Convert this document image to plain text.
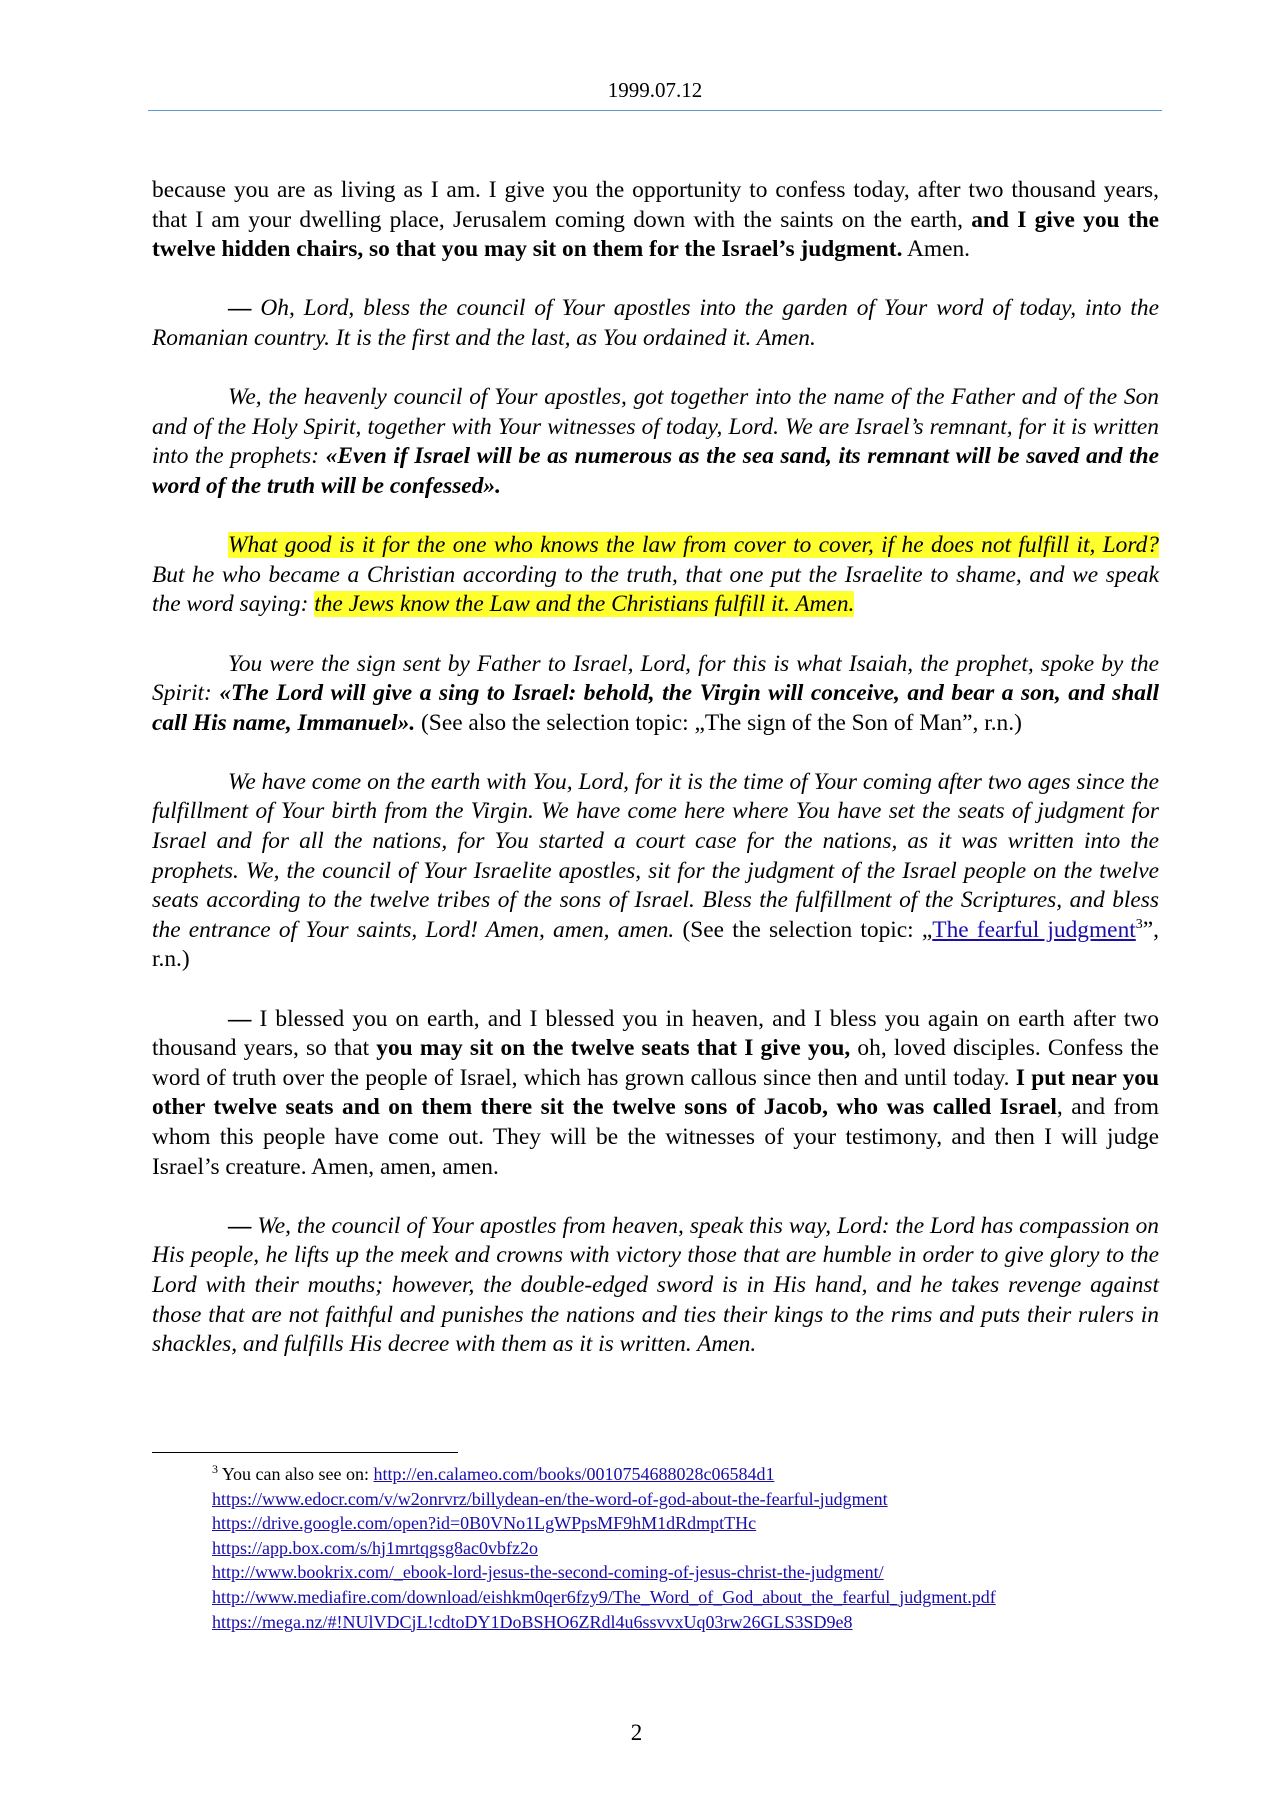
1999.07.12

because you are as living as I am. I give you the opportunity to confess today, after two thousand years, that I am your dwelling place, Jerusalem coming down with the saints on the earth, and I give you the twelve hidden chairs, so that you may sit on them for the Israel’s judgment. Amen.

— Oh, Lord, bless the council of Your apostles into the garden of Your word of today, into the Romanian country. It is the first and the last, as You ordained it. Amen.

We, the heavenly council of Your apostles, got together into the name of the Father and of the Son and of the Holy Spirit, together with Your witnesses of today, Lord. We are Israel’s remnant, for it is written into the prophets: «Even if Israel will be as numerous as the sea sand, its remnant will be saved and the word of the truth will be confessed».

What good is it for the one who knows the law from cover to cover, if he does not fulfill it, Lord? But he who became a Christian according to the truth, that one put the Israelite to shame, and we speak the word saying: the Jews know the Law and the Christians fulfill it. Amen.

You were the sign sent by Father to Israel, Lord, for this is what Isaiah, the prophet, spoke by the Spirit: «The Lord will give a sing to Israel: behold, the Virgin will conceive, and bear a son, and shall call His name, Immanuel». (See also the selection topic: „The sign of the Son of Man”, r.n.)

We have come on the earth with You, Lord, for it is the time of Your coming after two ages since the fulfillment of Your birth from the Virgin. We have come here where You have set the seats of judgment for Israel and for all the nations, for You started a court case for the nations, as it was written into the prophets. We, the council of Your Israelite apostles, sit for the judgment of the Israel people on the twelve seats according to the twelve tribes of the sons of Israel. Bless the fulfillment of the Scriptures, and bless the entrance of Your saints, Lord! Amen, amen, amen. (See the selection topic: „The fearful judgment$^3$”, r.n.)

— I blessed you on earth, and I blessed you in heaven, and I bless you again on earth after two thousand years, so that you may sit on the twelve seats that I give you, oh, loved disciples. Confess the word of truth over the people of Israel, which has grown callous since then and until today. I put near you other twelve seats and on them there sit the twelve sons of Jacob, who was called Israel, and from whom this people have come out. They will be the witnesses of your testimony, and then I will judge Israel’s creature. Amen, amen, amen.

— We, the council of Your apostles from heaven, speak this way, Lord: the Lord has compassion on His people, he lifts up the meek and crowns with victory those that are humble in order to give glory to the Lord with their mouths; however, the double-edged sword is in His hand, and he takes revenge against those that are not faithful and punishes the nations and ties their kings to the rims and puts their rulers in shackles, and fulfills His decree with them as it is written. Amen.

$^3$ You can also see on: http://en.calameo.com/books/0010754688028c06584d1
https://www.edocr.com/v/w2onrvrz/billydean-en/the-word-of-god-about-the-fearful-judgment
https://drive.google.com/open?id=0B0VNo1LgWPpsMF9hM1dRdmptTHc
https://app.box.com/s/hj1mrtqgsg8ac0vbfz2o
http://www.bookrix.com/_ebook-lord-jesus-the-second-coming-of-jesus-christ-the-judgment/
http://www.mediafire.com/download/eishkm0qer6fzy9/The_Word_of_God_about_the_fearful_judgment.pdf
https://mega.nz/#!NUlVDCjL!cdtoDY1DoBSHO6ZRdl4u6ssvvxUq03rw26GLS3SD9e8
2
